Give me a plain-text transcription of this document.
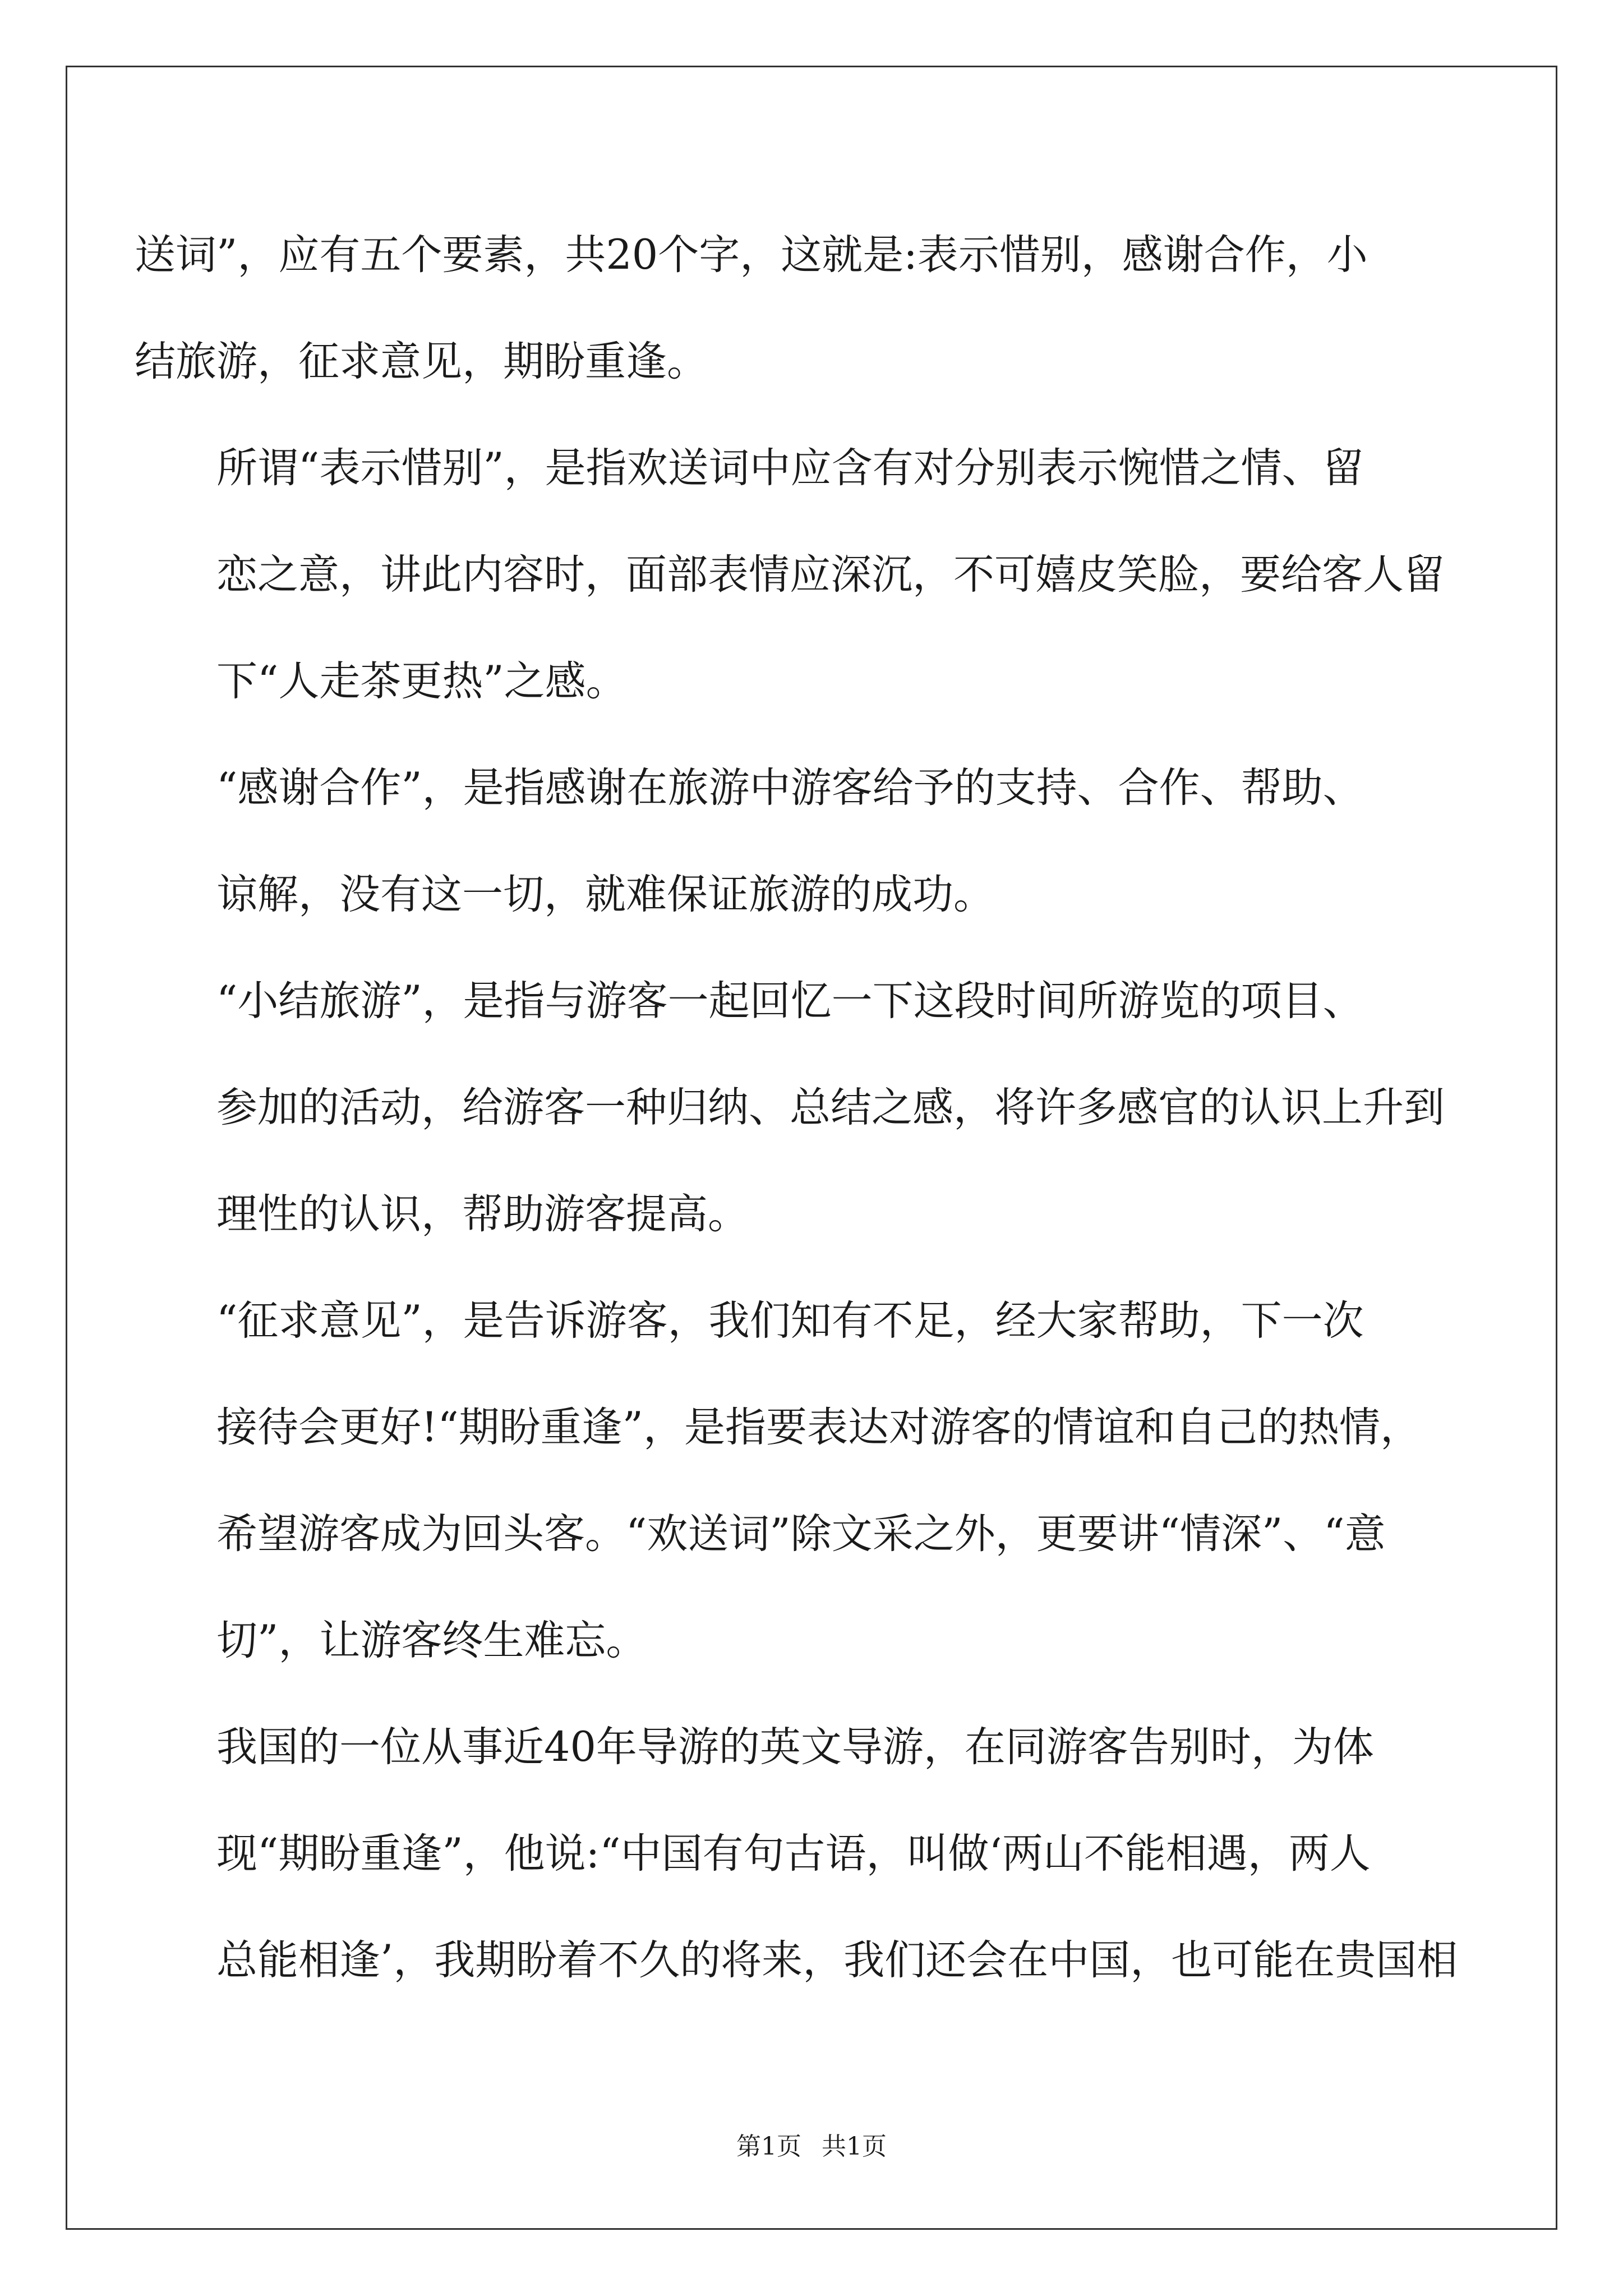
送词”，应有五个要素，共20个字，这就是:表示惜别，感谢合作，小
结旅游，征求意见，期盼重逢。

所谓“表示惜别”，是指欢送词中应含有对分别表示惋惜之情、留
恋之意，讲此内容时，面部表情应深沉，不可嬉皮笑脸，要给客人留
下“人走茶更热”之感。

“感谢合作”，是指感谢在旅游中游客给予的支持、合作、帮助、
谅解，没有这一切，就难保证旅游的成功。

“小结旅游”，是指与游客一起回忆一下这段时间所游览的项目、
参加的活动，给游客一种归纳、总结之感，将许多感官的认识上升到
理性的认识，帮助游客提高。

“征求意见”，是告诉游客，我们知有不足，经大家帮助，下一次
接待会更好!“期盼重逢”，是指要表达对游客的情谊和自己的热情，
希望游客成为回头客。“欢送词”除文采之外，更要讲“情深”、“意
切”，让游客终生难忘。

我国的一位从事近40年导游的英文导游，在同游客告别时，为体
现“期盼重逢”，他说:“中国有句古语，叫做‘两山不能相遇，两人
总能相逢’，我期盼着不久的将来，我们还会在中国，也可能在贵国相

第1页 共1页
